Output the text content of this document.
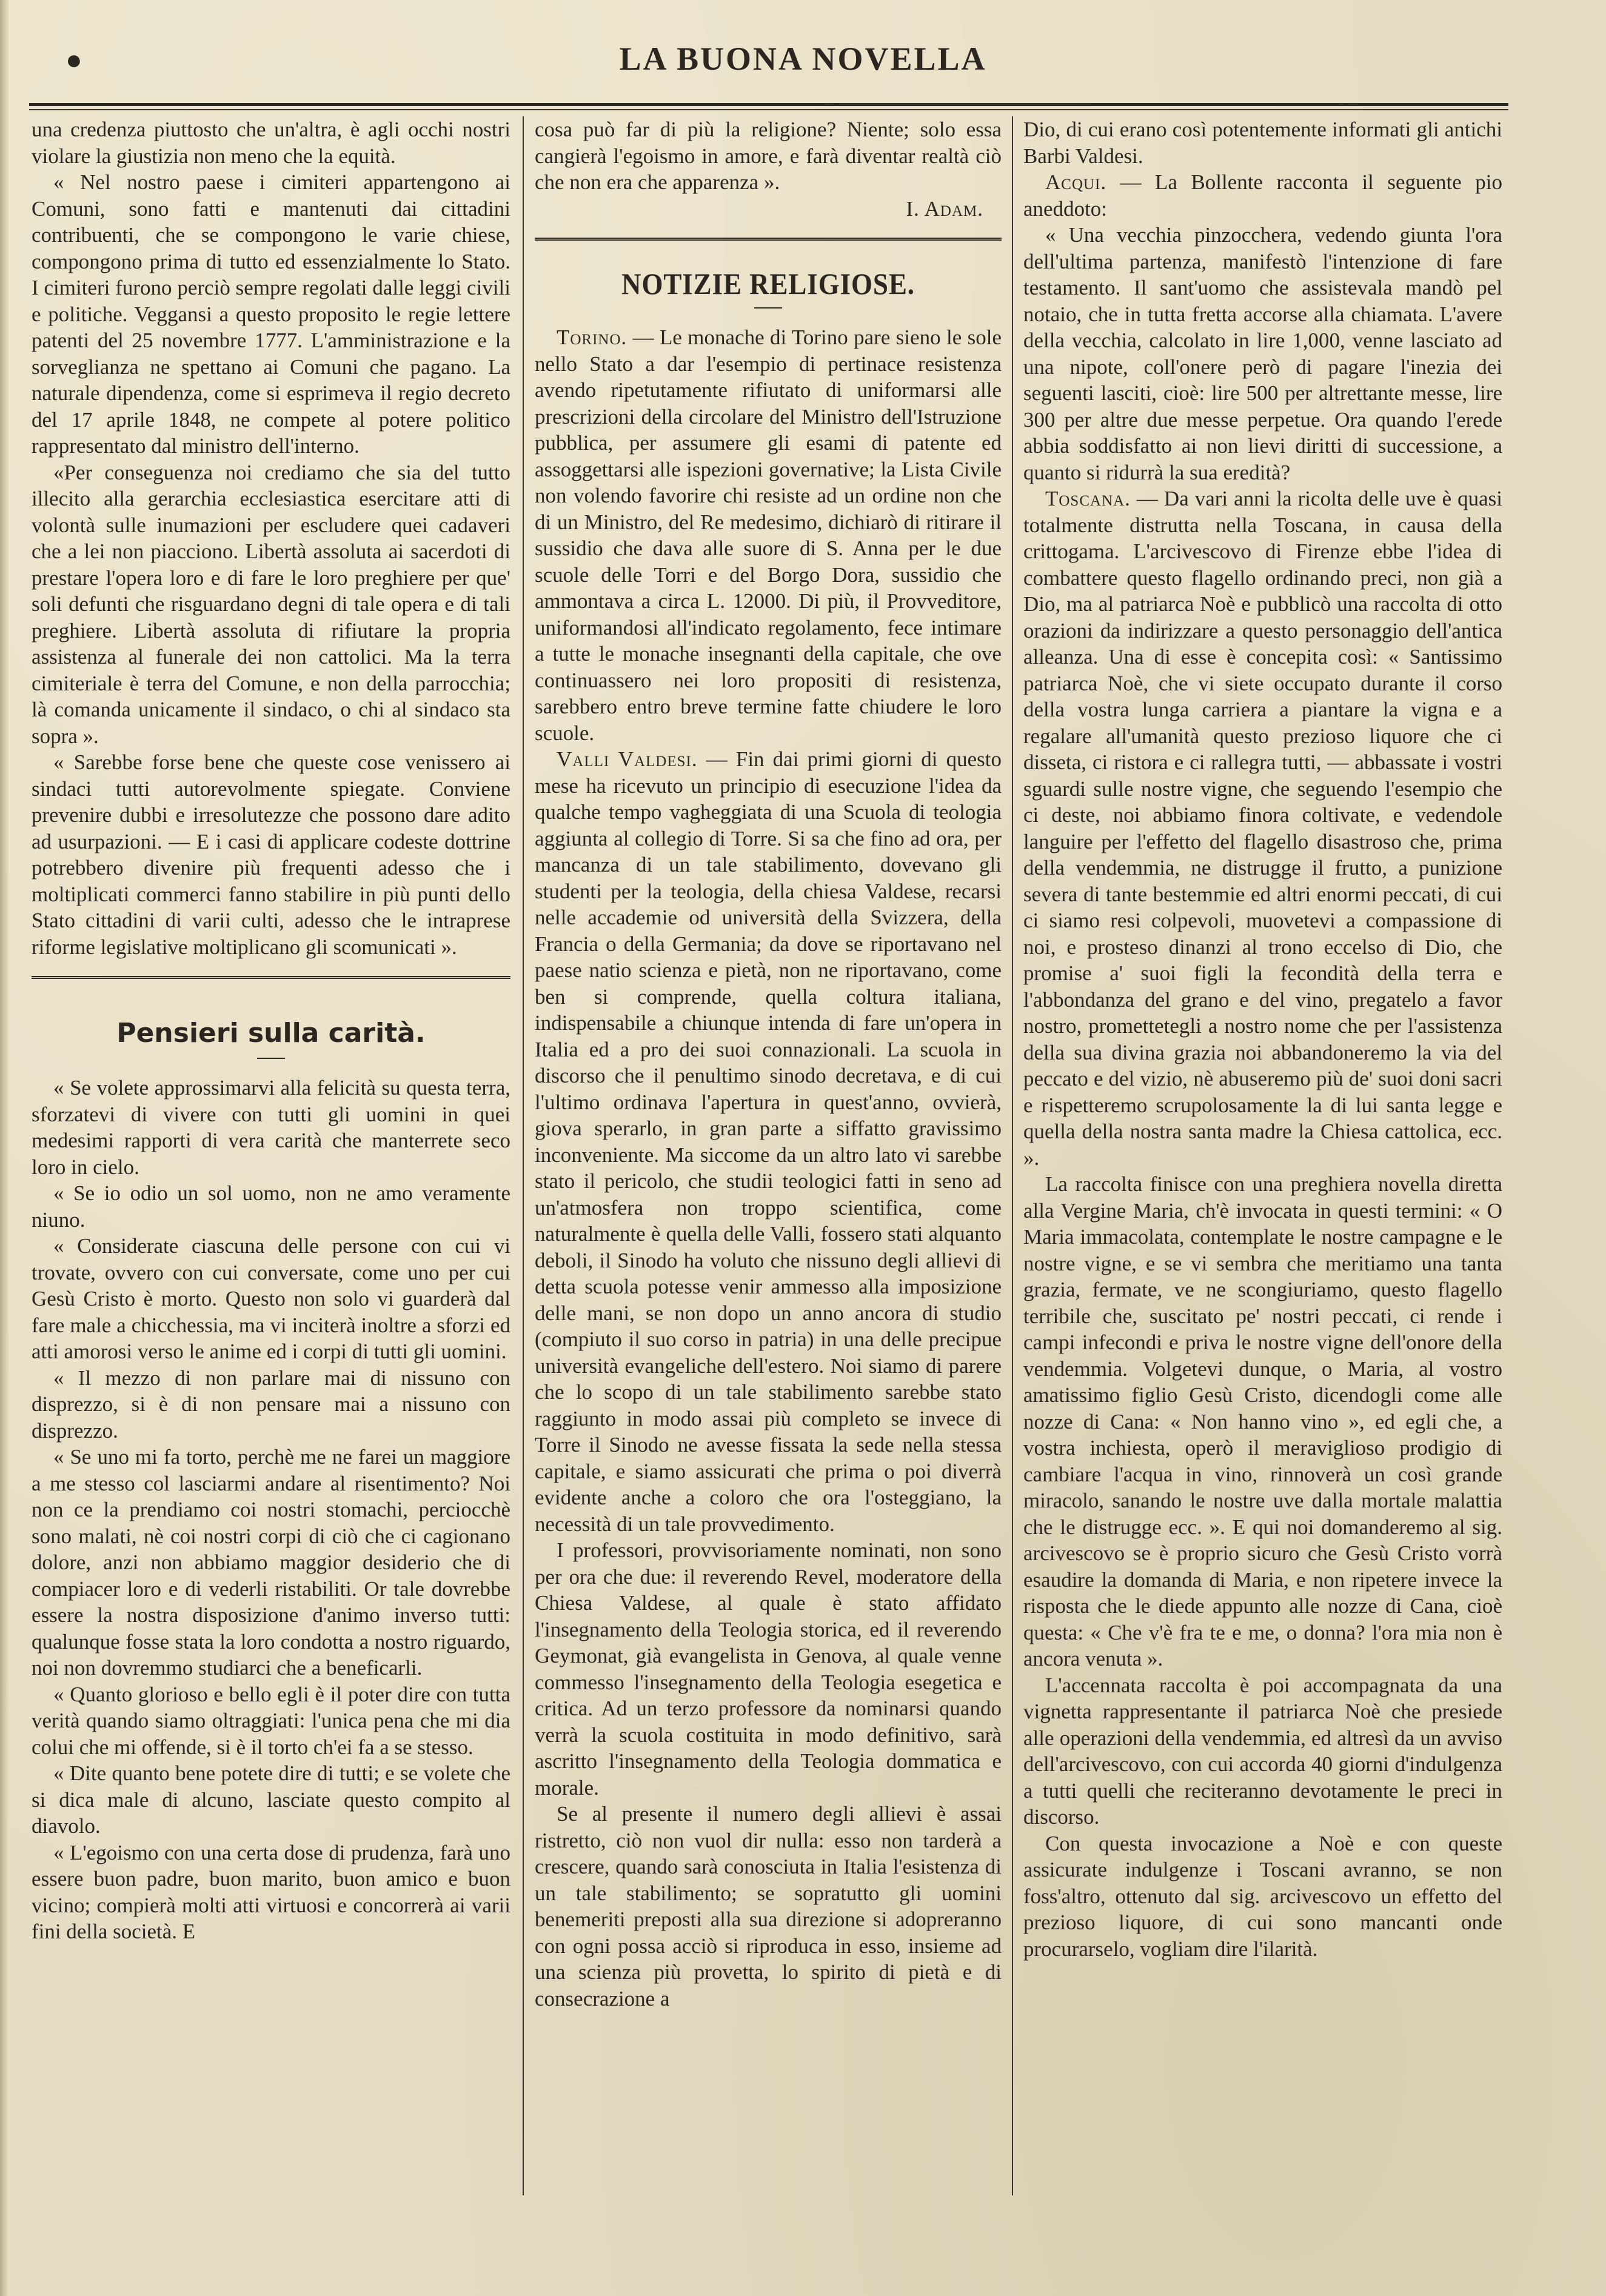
●	LA BUONA NOVELLA

una credenza piuttosto che un'altra, è agli occhi nostri violare la giustizia non meno che la equità.

« Nel nostro paese i cimiteri appartengono ai Comuni, sono fatti e mantenuti dai cittadini contribuenti, che se compongono le varie chiese, compongono prima di tutto ed essenzialmente lo Stato. I cimiteri furono perciò sempre regolati dalle leggi civili e politiche. Veggansi a questo proposito le regie lettere patenti del 25 novembre 1777. L'amministrazione e la sorveglianza ne spettano ai Comuni che pagano. La naturale dipendenza, come si esprimeva il regio decreto del 17 aprile 1848, ne compete al potere politico rappresentato dal ministro dell'interno.

«Per conseguenza noi crediamo che sia del tutto illecito alla gerarchia ecclesiastica esercitare atti di volontà sulle inumazioni per escludere quei cadaveri che a lei non piacciono. Libertà assoluta ai sacerdoti di prestare l'opera loro e di fare le loro preghiere per que' soli defunti che risguardano degni di tale opera e di tali preghiere. Libertà assoluta di rifiutare la propria assistenza al funerale dei non cattolici. Ma la terra cimiteriale è terra del Comune, e non della parrocchia; là comanda unicamente il sindaco, o chi al sindaco sta sopra ».

« Sarebbe forse bene che queste cose venissero ai sindaci tutti autorevolmente spiegate. Conviene prevenire dubbi e irresolutezze che possono dare adito ad usurpazioni. — E i casi di applicare codeste dottrine potrebbero divenire più frequenti adesso che i moltiplicati commerci fanno stabilire in più punti dello Stato cittadini di varii culti, adesso che le intraprese riforme legislative moltiplicano gli scomunicati ».

Pensieri sulla carità.

« Se volete approssimarvi alla felicità su questa terra, sforzatevi di vivere con tutti gli uomini in quei medesimi rapporti di vera carità che manterrete seco loro in cielo.

« Se io odio un sol uomo, non ne amo veramente niuno.

« Considerate ciascuna delle persone con cui vi trovate, ovvero con cui conversate, come uno per cui Gesù Cristo è morto. Questo non solo vi guarderà dal fare male a chicchessia, ma vi inciterà inoltre a sforzi ed atti amorosi verso le anime ed i corpi di tutti gli uomini.

« Il mezzo di non parlare mai di nissuno con disprezzo, si è di non pensare mai a nissuno con disprezzo.

« Se uno mi fa torto, perchè me ne farei un maggiore a me stesso col lasciarmi andare al risentimento? Noi non ce la prendiamo coi nostri stomachi, perciocchè sono malati, nè coi nostri corpi di ciò che ci cagionano dolore, anzi non abbiamo maggior desiderio che di compiacer loro e di vederli ristabiliti. Or tale dovrebbe essere la nostra disposizione d'animo inverso tutti: qualunque fosse stata la loro condotta a nostro riguardo, noi non dovremmo studiarci che a beneficarli.

« Quanto glorioso e bello egli è il poter dire con tutta verità quando siamo oltraggiati: l'unica pena che mi dia colui che mi offende, si è il torto ch'ei fa a se stesso.

« Dite quanto bene potete dire di tutti; e se volete che si dica male di alcuno, lasciate questo compito al diavolo.

« L'egoismo con una certa dose di prudenza, farà uno essere buon padre, buon marito, buon amico e buon vicino; compierà molti atti virtuosi e concorrerà ai varii fini della società. E

cosa può far di più la religione? Niente; solo essa cangierà l'egoismo in amore, e farà diventar realtà ciò che non era che apparenza ».

I. Adam.

NOTIZIE RELIGIOSE.

Torino. — Le monache di Torino pare sieno le sole nello Stato a dar l'esempio di pertinace resistenza avendo ripetutamente rifiutato di uniformarsi alle prescrizioni della circolare del Ministro dell'Istruzione pubblica, per assumere gli esami di patente ed assoggettarsi alle ispezioni governative; la Lista Civile non volendo favorire chi resiste ad un ordine non che di un Ministro, del Re medesimo, dichiarò di ritirare il sussidio che dava alle suore di S. Anna per le due scuole delle Torri e del Borgo Dora, sussidio che ammontava a circa L. 12000. Di più, il Provveditore, uniformandosi all'indicato regolamento, fece intimare a tutte le monache insegnanti della capitale, che ove continuassero nei loro propositi di resistenza, sarebbero entro breve termine fatte chiudere le loro scuole.

Valli Valdesi. — Fin dai primi giorni di questo mese ha ricevuto un principio di esecuzione l'idea da qualche tempo vagheggiata di una Scuola di teologia aggiunta al collegio di Torre. Si sa che fino ad ora, per mancanza di un tale stabilimento, dovevano gli studenti per la teologia, della chiesa Valdese, recarsi nelle accademie od università della Svizzera, della Francia o della Germania; da dove se riportavano nel paese natio scienza e pietà, non ne riportavano, come ben si comprende, quella coltura italiana, indispensabile a chiunque intenda di fare un'opera in Italia ed a pro dei suoi connazionali. La scuola in discorso che il penultimo sinodo decretava, e di cui l'ultimo ordinava l'apertura in quest'anno, ovvierà, giova sperarlo, in gran parte a siffatto gravissimo inconveniente. Ma siccome da un altro lato vi sarebbe stato il pericolo, che studii teologici fatti in seno ad un'atmosfera non troppo scientifica, come naturalmente è quella delle Valli, fossero stati alquanto deboli, il Sinodo ha voluto che nissuno degli allievi di detta scuola potesse venir ammesso alla imposizione delle mani, se non dopo un anno ancora di studio (compiuto il suo corso in patria) in una delle precipue università evangeliche dell'estero. Noi siamo di parere che lo scopo di un tale stabilimento sarebbe stato raggiunto in modo assai più completo se invece di Torre il Sinodo ne avesse fissata la sede nella stessa capitale, e siamo assicurati che prima o poi diverrà evidente anche a coloro che ora l'osteggiano, la necessità di un tale provvedimento.

I professori, provvisoriamente nominati, non sono per ora che due: il reverendo Revel, moderatore della Chiesa Valdese, al quale è stato affidato l'insegnamento della Teologia storica, ed il reverendo Geymonat, già evangelista in Genova, al quale venne commesso l'insegnamento della Teologia esegetica e critica. Ad un terzo professore da nominarsi quando verrà la scuola costituita in modo definitivo, sarà ascritto l'insegnamento della Teologia dommatica e morale.

Se al presente il numero degli allievi è assai ristretto, ciò non vuol dir nulla: esso non tarderà a crescere, quando sarà conosciuta in Italia l'esistenza di un tale stabilimento; se sopratutto gli uomini benemeriti preposti alla sua direzione si adopreranno con ogni possa acciò si riproduca in esso, insieme ad una scienza più provetta, lo spirito di pietà e di consecrazione a

Dio, di cui erano così potentemente informati gli antichi Barbi Valdesi.

Acqui. — La Bollente racconta il seguente pio aneddoto:

« Una vecchia pinzocchera, vedendo giunta l'ora dell'ultima partenza, manifestò l'intenzione di fare testamento. Il sant'uomo che assistevala mandò pel notaio, che in tutta fretta accorse alla chiamata. L'avere della vecchia, calcolato in lire 1,000, venne lasciato ad una nipote, coll'onere però di pagare l'inezia dei seguenti lasciti, cioè: lire 500 per altrettante messe, lire 300 per altre due messe perpetue. Ora quando l'erede abbia soddisfatto ai non lievi diritti di successione, a quanto si ridurrà la sua eredità?

Toscana. — Da vari anni la ricolta delle uve è quasi totalmente distrutta nella Toscana, in causa della crittogama. L'arcivescovo di Firenze ebbe l'idea di combattere questo flagello ordinando preci, non già a Dio, ma al patriarca Noè e pubblicò una raccolta di otto orazioni da indirizzare a questo personaggio dell'antica alleanza. Una di esse è concepita così: « Santissimo patriarca Noè, che vi siete occupato durante il corso della vostra lunga carriera a piantare la vigna e a regalare all'umanità questo prezioso liquore che ci disseta, ci ristora e ci rallegra tutti, — abbassate i vostri sguardi sulle nostre vigne, che seguendo l'esempio che ci deste, noi abbiamo finora coltivate, e vedendole languire per l'effetto del flagello disastroso che, prima della vendemmia, ne distrugge il frutto, a punizione severa di tante bestemmie ed altri enormi peccati, di cui ci siamo resi colpevoli, muovetevi a compassione di noi, e prosteso dinanzi al trono eccelso di Dio, che promise a' suoi figli la fecondità della terra e l'abbondanza del grano e del vino, pregatelo a favor nostro, promettetegli a nostro nome che per l'assistenza della sua divina grazia noi abbandoneremo la via del peccato e del vizio, nè abuseremo più de' suoi doni sacri e rispetteremo scrupolosamente la di lui santa legge e quella della nostra santa madre la Chiesa cattolica, ecc. ».

La raccolta finisce con una preghiera novella diretta alla Vergine Maria, ch'è invocata in questi termini: « O Maria immacolata, contemplate le nostre campagne e le nostre vigne, e se vi sembra che meritiamo una tanta grazia, fermate, ve ne scongiuriamo, questo flagello terribile che, suscitato pe' nostri peccati, ci rende i campi infecondi e priva le nostre vigne dell'onore della vendemmia. Volgetevi dunque, o Maria, al vostro amatissimo figlio Gesù Cristo, dicendogli come alle nozze di Cana: « Non hanno vino », ed egli che, a vostra inchiesta, operò il meraviglioso prodigio di cambiare l'acqua in vino, rinnoverà un così grande miracolo, sanando le nostre uve dalla mortale malattia che le distrugge ecc. ». E qui noi domanderemo al sig. arcivescovo se è proprio sicuro che Gesù Cristo vorrà esaudire la domanda di Maria, e non ripetere invece la risposta che le diede appunto alle nozze di Cana, cioè questa: « Che v'è fra te e me, o donna? l'ora mia non è ancora venuta ».

L'accennata raccolta è poi accompagnata da una vignetta rappresentante il patriarca Noè che presiede alle operazioni della vendemmia, ed altresì da un avviso dell'arcivescovo, con cui accorda 40 giorni d'indulgenza a tutti quelli che reciteranno devotamente le preci in discorso.

Con questa invocazione a Noè e con queste assicurate indulgenze i Toscani avranno, se non foss'altro, ottenuto dal sig. arcivescovo un effetto del prezioso liquore, di cui sono mancanti onde procurarselo, vogliam dire l'ilarità.
